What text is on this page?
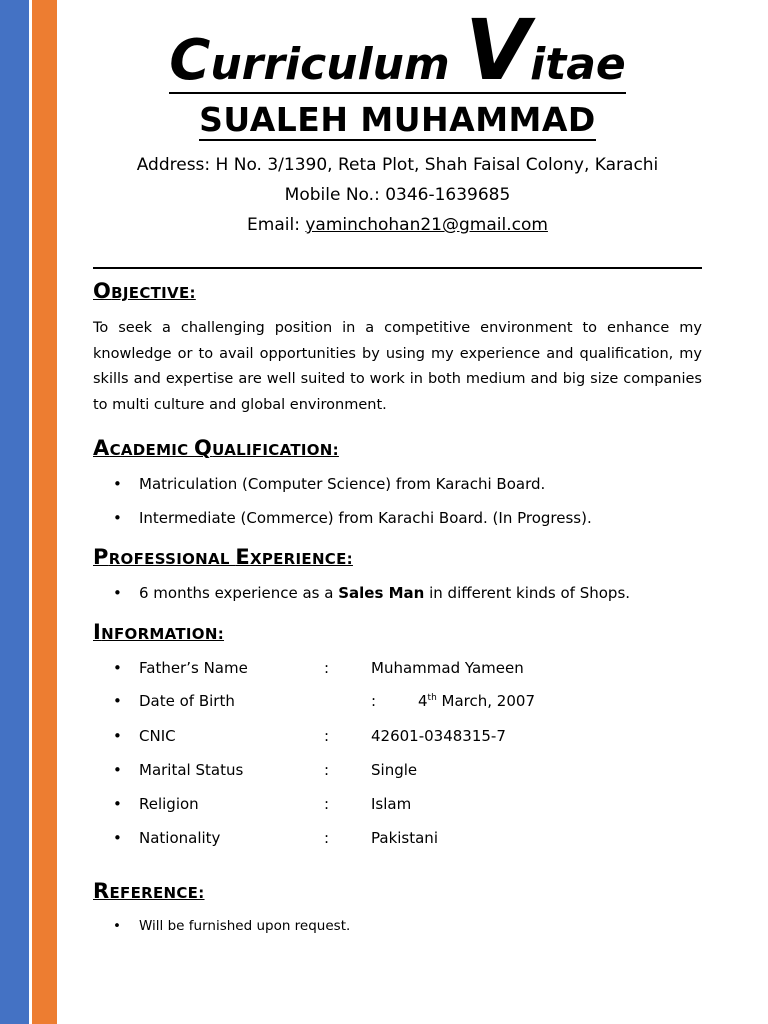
Curriculum Vitae
SUALEH MUHAMMAD
Address: H No. 3/1390, Reta Plot, Shah Faisal Colony, Karachi
Mobile No.: 0346-1639685
Email: yaminchohan21@gmail.com
OBJECTIVE:
To seek a challenging position in a competitive environment to enhance my knowledge or to avail opportunities by using my experience and qualification, my skills and expertise are well suited to work in both medium and big size companies to multi culture and global environment.
ACADEMIC QUALIFICATION:
• Matriculation (Computer Science) from Karachi Board.
• Intermediate (Commerce) from Karachi Board. (In Progress).
PROFESSIONAL EXPERIENCE:
• 6 months experience as a Sales Man in different kinds of Shops.
INFORMATION:
• Father’s Name	:	Muhammad Yameen
• Date of Birth	:	4th March, 2007
• CNIC	:	42601-0348315-7
• Marital Status	:	Single
• Religion	:	Islam
• Nationality	:	Pakistani
REFERENCE:
• Will be furnished upon request.
